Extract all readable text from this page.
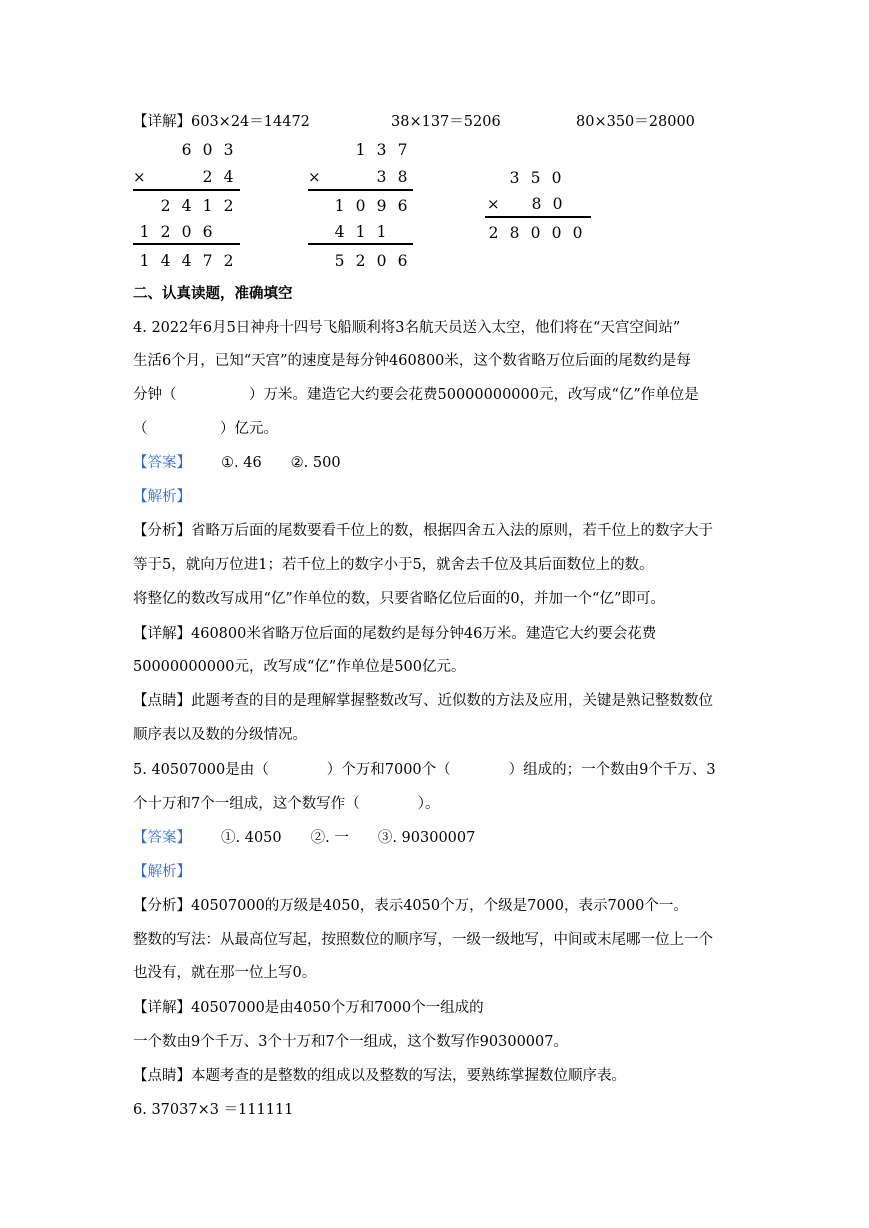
【详解】603×24＝14472	38×137＝5206	80×350＝28000
6 0 3
×	2 4
2 4 1 2
1 2 0 6
1 4 4 7 2
1 3 7
×	3 8
1 0 9 6
4 1 1
5 2 0 6
3 5 0
×	8 0
2 8 0 0 0
二、认真读题，准确填空
4. 2022年6月5日神舟十四号飞船顺利将3名航天员送入太空，他们将在“天宫空间站”
生活6个月，已知“天宫”的速度是每分钟460800米，这个数省略万位后面的尾数约是每
分钟（　　　　　）万米。建造它大约要会花费50000000000元，改写成“亿”作单位是
（　　　　　）亿元。
【答案】 ①. 46　　②. 500
【解析】
【分析】省略万后面的尾数要看千位上的数，根据四舍五入法的原则，若千位上的数字大于
等于5，就向万位进1；若千位上的数字小于5，就舍去千位及其后面数位上的数。
将整亿的数改写成用“亿”作单位的数，只要省略亿位后面的0，并加一个“亿”即可。
【详解】460800米省略万位后面的尾数约是每分钟46万米。建造它大约要会花费
50000000000元，改写成“亿”作单位是500亿元。
【点睛】此题考查的目的是理解掌握整数改写、近似数的方法及应用，关键是熟记整数数位
顺序表以及数的分级情况。
5. 40507000是由（　　　　）个万和7000个（　　　　）组成的；一个数由9个千万、3
个十万和7个一组成，这个数写作（　　　　）。
【答案】 ①. 4050　　②. 一　　③. 90300007
【解析】
【分析】40507000的万级是4050，表示4050个万，个级是7000，表示7000个一。
整数的写法：从最高位写起，按照数位的顺序写，一级一级地写，中间或末尾哪一位上一个
也没有，就在那一位上写0。
【详解】40507000是由4050个万和7000个一组成的
一个数由9个千万、3个十万和7个一组成，这个数写作90300007。
【点睛】本题考查的是整数的组成以及整数的写法，要熟练掌握数位顺序表。
6. 37037×3 ＝111111
